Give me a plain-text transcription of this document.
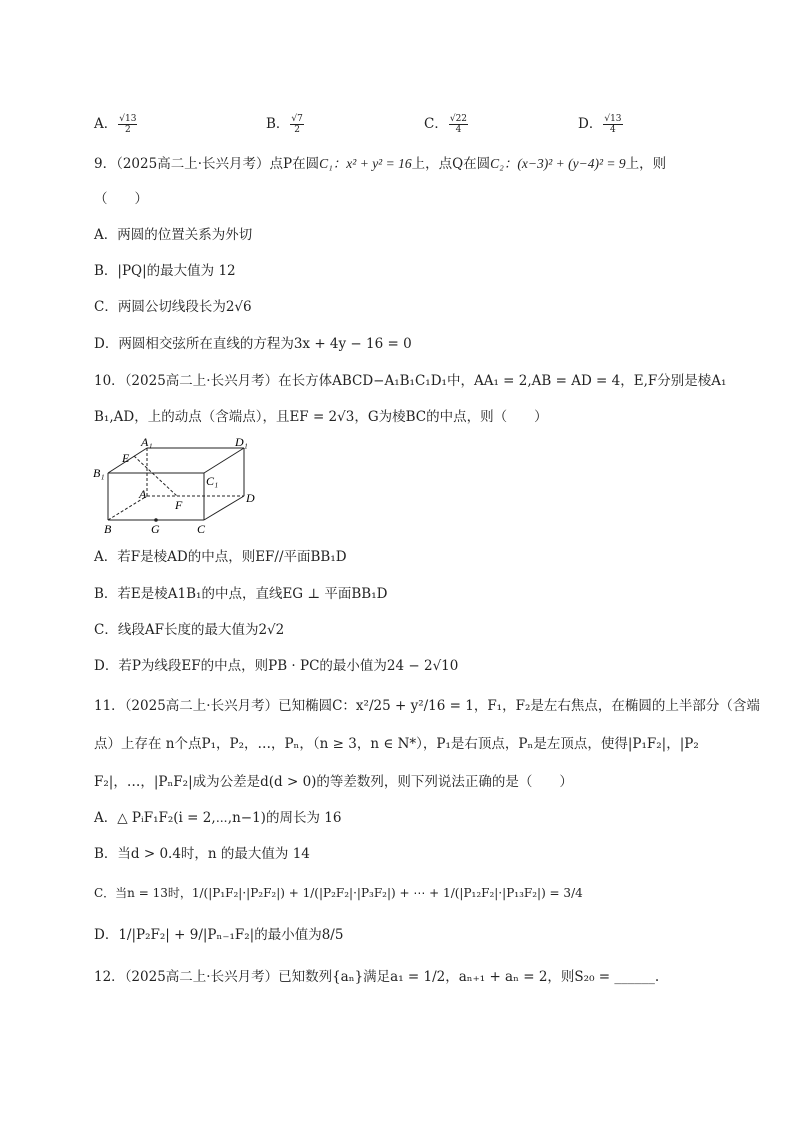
A． $\frac{√13}{2}$	B． $\frac{√7}{2}$	C． $\frac{√22}{4}$	D． $\frac{√13}{4}$
9．（2025高二上·长兴月考）点P在圆C₁：x² + y² = 16上，点Q在圆C₂：(x−3)² + (y−4)² = 9上，则
（　　）
A．两圆的位置关系为外切
B．|PQ|的最大值为 12
C．两圆公切线段长为2√6
D．两圆相交弦所在直线的方程为3x + 4y − 16 = 0
10．（2025高二上·长兴月考）在长方体ABCD−A₁B₁C₁D₁中，AA₁ = 2,AB = AD = 4，E,F分别是棱A₁
B₁,AD，上的动点（含端点），且EF = 2√3，G为棱BC的中点，则（　　）
A₁	D₁
E
B₁
C₁
A	D
F
B	G	C
A．若F是棱AD的中点，则EF//平面BB₁D
B．若E是棱A1B₁的中点，直线EG ⊥ 平面BB₁D
C．线段AF长度的最大值为2√2
D．若P为线段EF的中点，则PB · PC的最小值为24 − 2√10
11．（2025高二上·长兴月考）已知椭圆C：x²/25 + y²/16 = 1，F₁，F₂是左右焦点，在椭圆的上半部分（含端
点）上存在 n个点P₁，P₂，…，Pₙ，（n ≥ 3，n ∈ N*），P₁是右顶点，Pₙ是左顶点，使得|P₁F₂|，|P₂
F₂|，…，|PₙF₂|成为公差是d(d > 0)的等差数列，则下列说法正确的是（　　）
A．△ PᵢF₁F₂(i = 2,⋯,n−1)的周长为 16
B．当d > 0.4时，n 的最大值为 14
C．当n = 13时，1/(|P₁F₂|·|P₂F₂|) + 1/(|P₂F₂|·|P₃F₂|) + ⋯ + 1/(|P₁₂F₂|·|P₁₃F₂|) = 3/4
D．1/|P₂F₂| + 9/|Pₙ₋₁F₂|的最小值为8/5
12．（2025高二上·长兴月考）已知数列{aₙ}满足a₁ = 1/2，aₙ₊₁ + aₙ = 2，则S₂₀ = ______.
